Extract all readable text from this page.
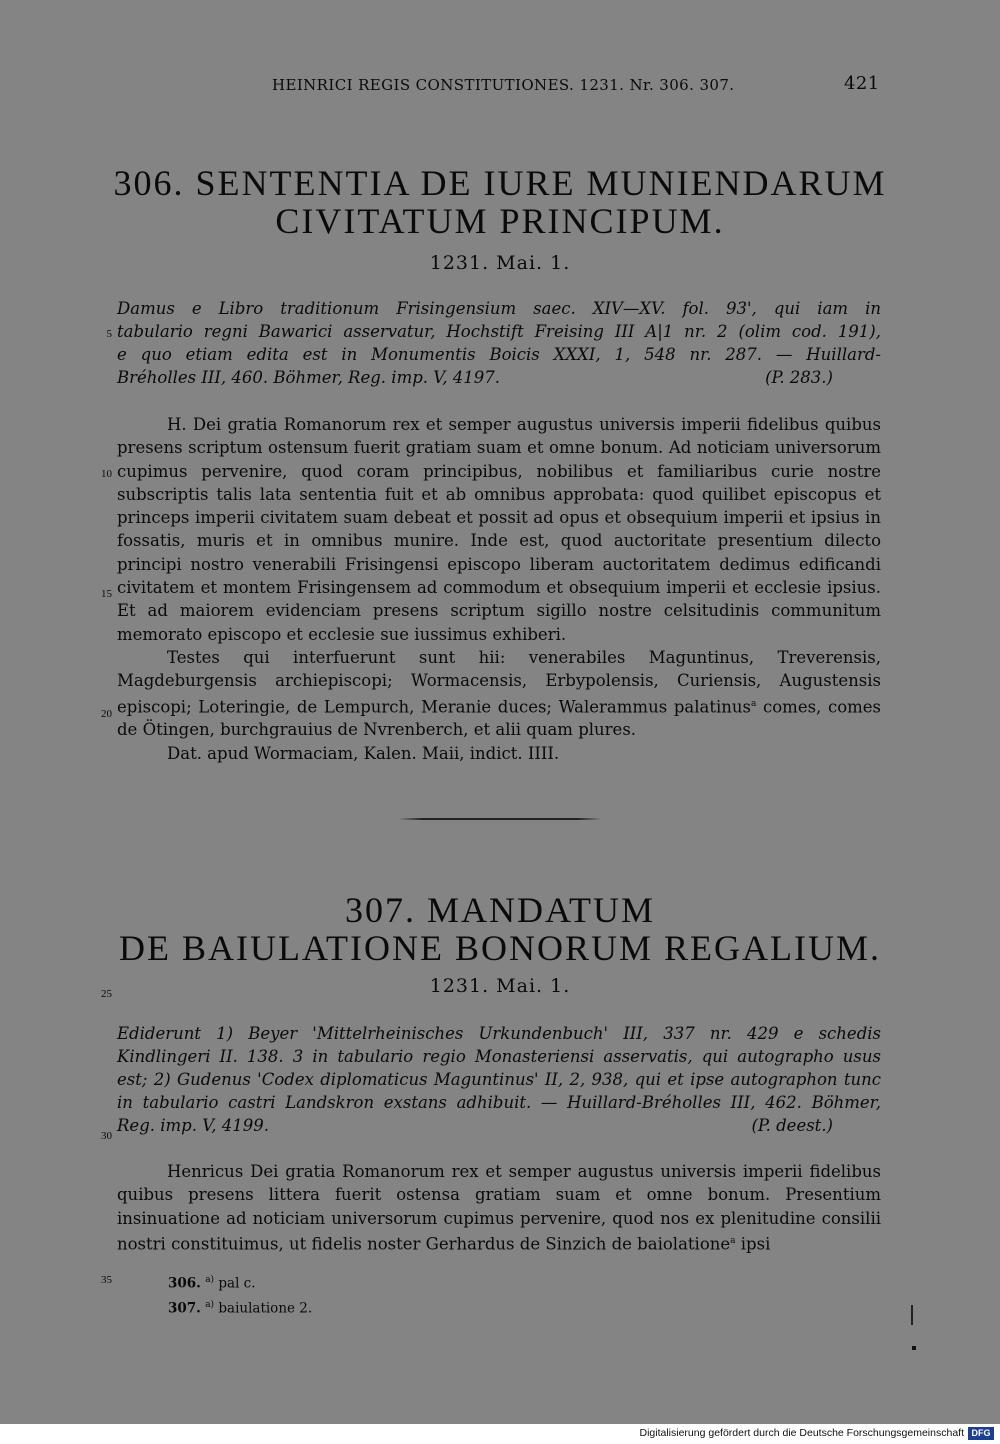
HEINRICI REGIS CONSTITUTIONES. 1231. Nr. 306. 307.	421
306. SENTENTIA DE IURE MUNIENDARUM
CIVITATUM PRINCIPUM.
1231. Mai. 1.
Damus e Libro traditionum Frisingensium saec. XIV—XV. fol. 93', qui iam in
tabulario regni Bawarici asservatur, Hochstift Freising III A|1 nr. 2 (olim cod. 191),
e quo etiam edita est in Monumentis Boicis XXXI, 1, 548 nr. 287. — Huillard-
Bréholles III, 460. Böhmer, Reg. imp. V, 4197.	(P. 283.)

H. Dei gratia Romanorum rex et semper augustus universis imperii fidelibus quibus presens scriptum ostensum fuerit gratiam suam et omne bonum. Ad noticiam universorum cupimus pervenire, quod coram principibus, nobilibus et familiaribus curie nostre subscriptis talis lata sententia fuit et ab omnibus approbata: quod quilibet episcopus et princeps imperii civitatem suam debeat et possit ad opus et obsequium imperii et ipsius in fossatis, muris et in omnibus munire. Inde est, quod auctoritate presentium dilecto principi nostro venerabili Frisingensi episcopo liberam auctoritatem dedimus edificandi civitatem et montem Frisingensem ad commodum et obsequium imperii et ecclesie ipsius. Et ad maiorem evidenciam presens scriptum sigillo nostre celsitudinis communitum memorato episcopo et ecclesie sue iussimus exhiberi.

Testes qui interfuerunt sunt hii: venerabiles Maguntinus, Treverensis, Magdeburgensis archiepiscopi; Wormacensis, Erbypolensis, Curiensis, Augustensis episcopi; Loteringie, de Lempurch, Meranie duces; Walerammus palatinus$^a$ comes, comes de Ötingen, burchgrauius de Nvrenberch, et alii quam plures.

Dat. apud Wormaciam, Kalen. Maii, indict. IIII.

307. MANDATUM
DE BAIULATIONE BONORUM REGALIUM.
1231. Mai. 1.
Ediderunt 1) Beyer 'Mittelrheinisches Urkundenbuch' III, 337 nr. 429 e schedis
Kindlingeri II. 138. 3 in tabulario regio Monasteriensi asservatis, qui autographo usus
est; 2) Gudenus 'Codex diplomaticus Maguntinus' II, 2, 938, qui et ipse autographon tunc
in tabulario castri Landskron exstans adhibuit. — Huillard-Bréholles III, 462. Böhmer,
Reg. imp. V, 4199.	(P. deest.)

Henricus Dei gratia Romanorum rex et semper augustus universis imperii fidelibus quibus presens littera fuerit ostensa gratiam suam et omne bonum. Presentium insinuatione ad noticiam universorum cupimus pervenire, quod nos ex plenitudine consilii nostri constituimus, ut fidelis noster Gerhardus de Sinzich de baiolatione$^a$ ipsi

5
10
15
20
25
30
35	306. $^{a)}$ pal c.
307. $^{a)}$ baiulatione 2.
Digitalisierung gefördert durch die Deutsche Forschungsgemeinschaft DFG
